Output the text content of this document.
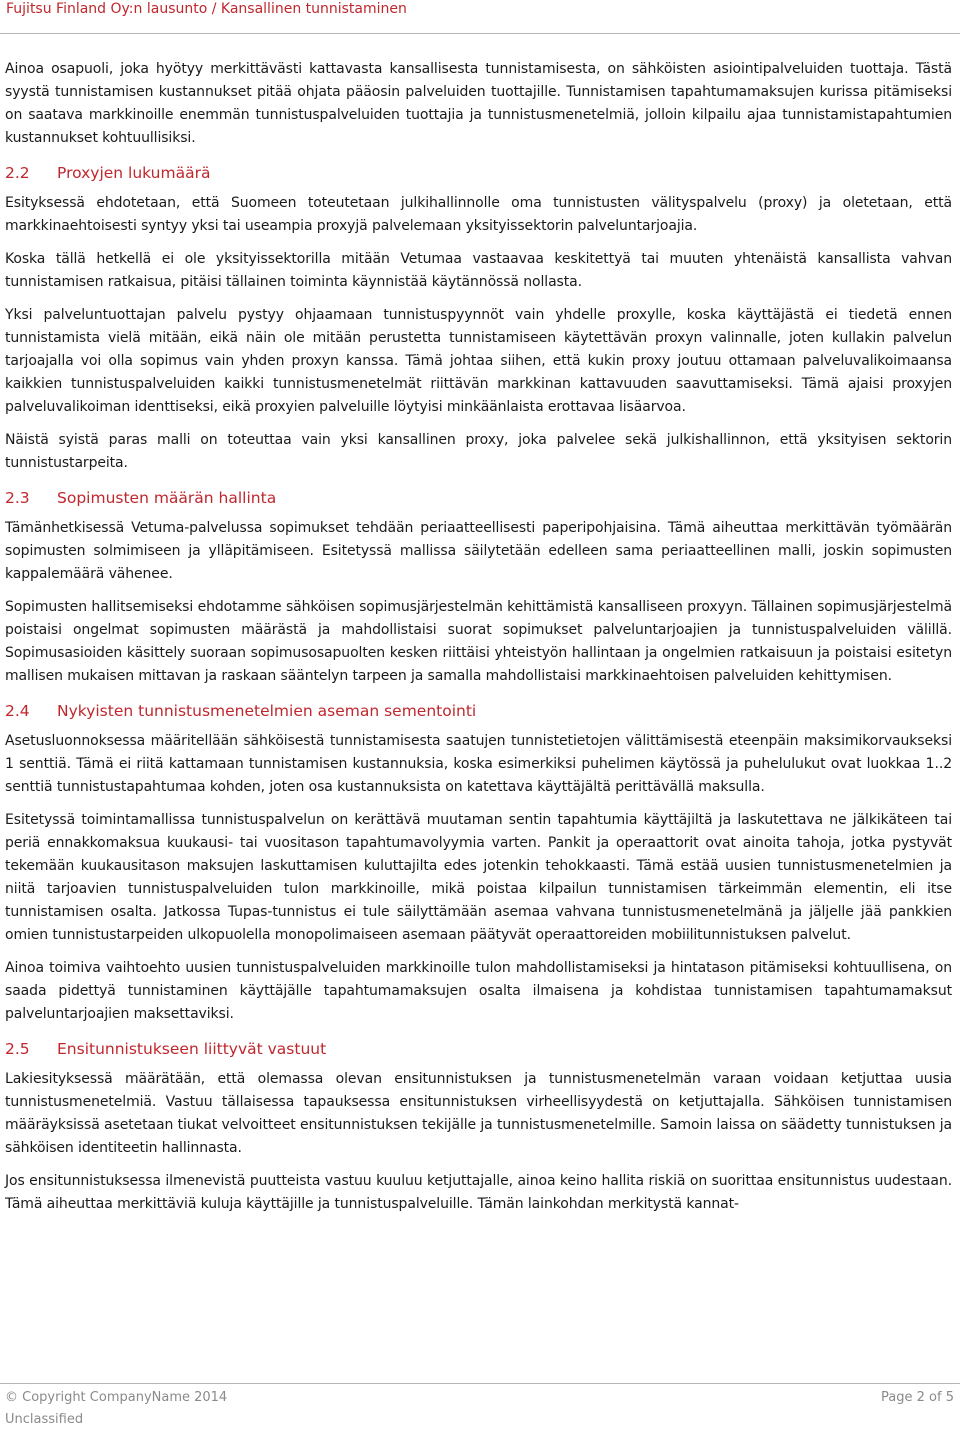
Fujitsu Finland Oy:n lausunto / Kansallinen tunnistaminen

Ainoa osapuoli, joka hyötyy merkittävästi kattavasta kansallisesta tunnistamisesta, on sähköisten asiointipalveluiden tuottaja. Tästä syystä tunnistamisen kustannukset pitää ohjata pääosin palveluiden tuottajille. Tunnistamisen tapahtumamaksujen kurissa pitämiseksi on saatava markkinoille enemmän tunnistuspalveluiden tuottajia ja tunnistusmenetelmiä, jolloin kilpailu ajaa tunnistamistapahtumien kustannukset kohtuullisiksi.

2.2 Proxyjen lukumäärä

Esityksessä ehdotetaan, että Suomeen toteutetaan julkihallinnolle oma tunnistusten välityspalvelu (proxy) ja oletetaan, että markkinaehtoisesti syntyy yksi tai useampia proxyjä palvelemaan yksityissektorin palveluntarjoajia.

Koska tällä hetkellä ei ole yksityissektorilla mitään Vetumaa vastaavaa keskitettyä tai muuten yhtenäistä kansallista vahvan tunnistamisen ratkaisua, pitäisi tällainen toiminta käynnistää käytännössä nollasta.

Yksi palveluntuottajan palvelu pystyy ohjaamaan tunnistuspyynnöt vain yhdelle proxylle, koska käyttäjästä ei tiedetä ennen tunnistamista vielä mitään, eikä näin ole mitään perustetta tunnistamiseen käytettävän proxyn valinnalle, joten kullakin palvelun tarjoajalla voi olla sopimus vain yhden proxyn kanssa. Tämä johtaa siihen, että kukin proxy joutuu ottamaan palveluvalikoimaansa kaikkien tunnistuspalveluiden kaikki tunnistusmenetelmät riittävän markkinan kattavuuden saavuttamiseksi. Tämä ajaisi proxyjen palveluvalikoiman identtiseksi, eikä proxyien palveluille löytyisi minkäänlaista erottavaa lisäarvoa.

Näistä syistä paras malli on toteuttaa vain yksi kansallinen proxy, joka palvelee sekä julkishallinnon, että yksityisen sektorin tunnistustarpeita.

2.3 Sopimusten määrän hallinta

Tämänhetkisessä Vetuma-palvelussa sopimukset tehdään periaatteellisesti paperipohjaisina. Tämä aiheuttaa merkittävän työmäärän sopimusten solmimiseen ja ylläpitämiseen. Esitetyssä mallissa säilytetään edelleen sama periaatteellinen malli, joskin sopimusten kappalemäärä vähenee.

Sopimusten hallitsemiseksi ehdotamme sähköisen sopimusjärjestelmän kehittämistä kansalliseen proxyyn. Tällainen sopimusjärjestelmä poistaisi ongelmat sopimusten määrästä ja mahdollistaisi suorat sopimukset palveluntarjoajien ja tunnistuspalveluiden välillä. Sopimusasioiden käsittely suoraan sopimusosapuolten kesken riittäisi yhteistyön hallintaan ja ongelmien ratkaisuun ja poistaisi esitetyn mallisen mukaisen mittavan ja raskaan sääntelyn tarpeen ja samalla mahdollistaisi markkinaehtoisen palveluiden kehittymisen.

2.4 Nykyisten tunnistusmenetelmien aseman sementointi

Asetusluonnoksessa määritellään sähköisestä tunnistamisesta saatujen tunnistetietojen välittämisestä eteenpäin maksimikorvaukseksi 1 senttiä. Tämä ei riitä kattamaan tunnistamisen kustannuksia, koska esimerkiksi puhelimen käytössä ja puhelulukut ovat luokkaa 1..2 senttiä tunnistustapahtumaa kohden, joten osa kustannuksista on katettava käyttäjältä perittävällä maksulla.

Esitetyssä toimintamallissa tunnistuspalvelun on kerättävä muutaman sentin tapahtumia käyttäjiltä ja laskutettava ne jälkikäteen tai periä ennakkomaksua kuukausi- tai vuositason tapahtumavolyymia varten. Pankit ja operaattorit ovat ainoita tahoja, jotka pystyvät tekemään kuukausitason maksujen laskuttamisen kuluttajilta edes jotenkin tehokkaasti. Tämä estää uusien tunnistusmenetelmien ja niitä tarjoavien tunnistuspalveluiden tulon markkinoille, mikä poistaa kilpailun tunnistamisen tärkeimmän elementin, eli itse tunnistamisen osalta. Jatkossa Tupas-tunnistus ei tule säilyttämään asemaa vahvana tunnistusmenetelmänä ja jäljelle jää pankkien omien tunnistustarpeiden ulkopuolella monopolimaiseen asemaan päätyvät operaattoreiden mobiilitunnistuksen palvelut.

Ainoa toimiva vaihtoehto uusien tunnistuspalveluiden markkinoille tulon mahdollistamiseksi ja hintatason pitämiseksi kohtuullisena, on saada pidettyä tunnistaminen käyttäjälle tapahtumamaksujen osalta ilmaisena ja kohdistaa tunnistamisen tapahtumamaksut palveluntarjoajien maksettaviksi.

2.5 Ensitunnistukseen liittyvät vastuut

Lakiesityksessä määrätään, että olemassa olevan ensitunnistuksen ja tunnistusmenetelmän varaan voidaan ketjuttaa uusia tunnistusmenetelmiä. Vastuu tällaisessa tapauksessa ensitunnistuksen virheellisyydestä on ketjuttajalla. Sähköisen tunnistamisen määräyksissä asetetaan tiukat velvoitteet ensitunnistuksen tekijälle ja tunnistusmenetelmille. Samoin laissa on säädetty tunnistuksen ja sähköisen identiteetin hallinnasta.

Jos ensitunnistuksessa ilmenevistä puutteista vastuu kuuluu ketjuttajalle, ainoa keino hallita riskiä on suorittaa ensitunnistus uudestaan. Tämä aiheuttaa merkittäviä kuluja käyttäjille ja tunnistuspalveluille. Tämän lainkohdan merkitystä kannat-

© Copyright CompanyName 2014	Page 2 of 5
Unclassified
